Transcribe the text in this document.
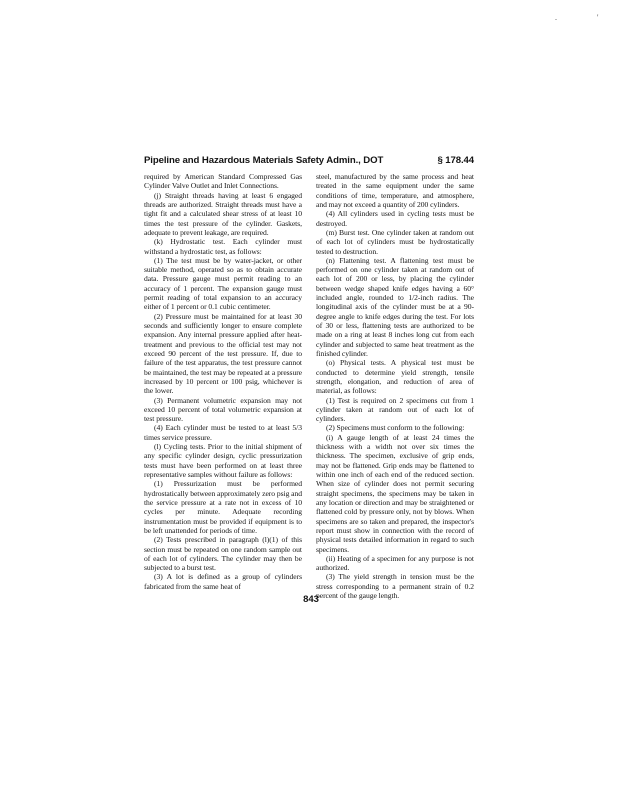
.	'
Pipeline and Hazardous Materials Safety Admin., DOT	§ 178.44

required by American Standard Compressed Gas Cylinder Valve Outlet and Inlet Connections.

(j) Straight threads having at least 6 engaged threads are authorized. Straight threads must have a tight fit and a calculated shear stress of at least 10 times the test pressure of the cylinder. Gaskets, adequate to prevent leakage, are required.

(k) Hydrostatic test. Each cylinder must withstand a hydrostatic test, as follows:

(1) The test must be by water-jacket, or other suitable method, operated so as to obtain accurate data. Pressure gauge must permit reading to an accuracy of 1 percent. The expansion gauge must permit reading of total expansion to an accuracy either of 1 percent or 0.1 cubic centimeter.

(2) Pressure must be maintained for at least 30 seconds and sufficiently longer to ensure complete expansion. Any internal pressure applied after heat-treatment and previous to the official test may not exceed 90 percent of the test pressure. If, due to failure of the test apparatus, the test pressure cannot be maintained, the test may be repeated at a pressure increased by 10 percent or 100 psig, whichever is the lower.

(3) Permanent volumetric expansion may not exceed 10 percent of total volumetric expansion at test pressure.

(4) Each cylinder must be tested to at least 5/3 times service pressure.

(l) Cycling tests. Prior to the initial shipment of any specific cylinder design, cyclic pressurization tests must have been performed on at least three representative samples without failure as follows:

(1) Pressurization must be performed hydrostatically between approximately zero psig and the service pressure at a rate not in excess of 10 cycles per minute. Adequate recording instrumentation must be provided if equipment is to be left unattended for periods of time.

(2) Tests prescribed in paragraph (l)(1) of this section must be repeated on one random sample out of each lot of cylinders. The cylinder may then be subjected to a burst test.

(3) A lot is defined as a group of cylinders fabricated from the same heat of

steel, manufactured by the same process and heat treated in the same equipment under the same conditions of time, temperature, and atmosphere, and may not exceed a quantity of 200 cylinders.

(4) All cylinders used in cycling tests must be destroyed.

(m) Burst test. One cylinder taken at random out of each lot of cylinders must be hydrostatically tested to destruction.

(n) Flattening test. A flattening test must be performed on one cylinder taken at random out of each lot of 200 or less, by placing the cylinder between wedge shaped knife edges having a 60° included angle, rounded to 1/2-inch radius. The longitudinal axis of the cylinder must be at a 90-degree angle to knife edges during the test. For lots of 30 or less, flattening tests are authorized to be made on a ring at least 8 inches long cut from each cylinder and subjected to same heat treatment as the finished cylinder.

(o) Physical tests. A physical test must be conducted to determine yield strength, tensile strength, elongation, and reduction of area of material, as follows:

(1) Test is required on 2 specimens cut from 1 cylinder taken at random out of each lot of cylinders.

(2) Specimens must conform to the following:

(i) A gauge length of at least 24 times the thickness with a width not over six times the thickness. The specimen, exclusive of grip ends, may not be flattened. Grip ends may be flattened to within one inch of each end of the reduced section. When size of cylinder does not permit securing straight specimens, the specimens may be taken in any location or direction and may be straightened or flattened cold by pressure only, not by blows. When specimens are so taken and prepared, the inspector's report must show in connection with the record of physical tests detailed information in regard to such specimens.

(ii) Heating of a specimen for any purpose is not authorized.

(3) The yield strength in tension must be the stress corresponding to a permanent strain of 0.2 percent of the gauge length.

843
